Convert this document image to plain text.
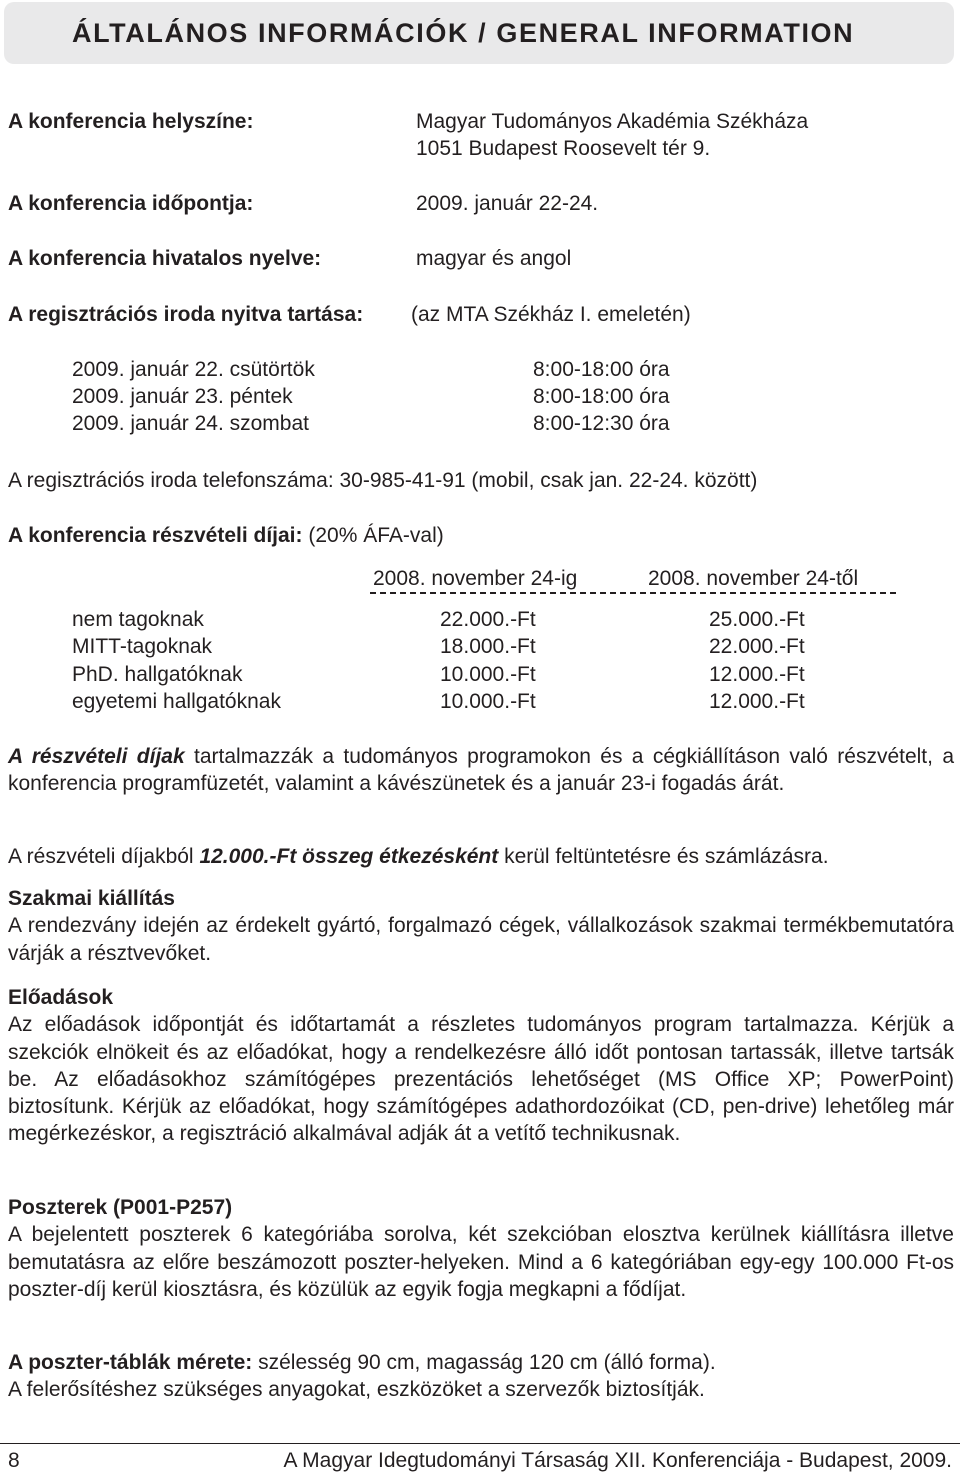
ÁLTALÁNOS INFORMÁCIÓK / GENERAL INFORMATION
A konferencia helyszíne:	Magyar Tudományos Akadémia Székháza
1051 Budapest Roosevelt tér 9.
A konferencia időpontja:	2009. január 22-24.
A konferencia hivatalos nyelve:	magyar és angol
A regisztrációs iroda nyitva tartása: (az MTA Székház I. emeletén)
2009. január 22. csütörtök	8:00-18:00 óra
2009. január 23. péntek	8:00-18:00 óra
2009. január 24. szombat	8:00-12:30 óra
A regisztrációs iroda telefonszáma: 30-985-41-91 (mobil, csak jan. 22-24. között)
A konferencia részvételi díjai: (20% ÁFA-val)
2008. november 24-ig	2008. november 24-től
nem tagoknak	22.000.-Ft	25.000.-Ft
MITT-tagoknak	18.000.-Ft	22.000.-Ft
PhD. hallgatóknak	10.000.-Ft	12.000.-Ft
egyetemi hallgatóknak	10.000.-Ft	12.000.-Ft
A részvételi díjak tartalmazzák a tudományos programokon és a cégkiállításon való részvételt, a konferencia programfüzetét, valamint a kávészünetek és a január 23-i fogadás árát.
A részvételi díjakból 12.000.-Ft összeg étkezésként kerül feltüntetésre és számlázásra.
Szakmai kiállítás
A rendezvány idején az érdekelt gyártó, forgalmazó cégek, vállalkozások szakmai termékbemutatóra várják a résztvevőket.
Előadások
Az előadások időpontját és időtartamát a részletes tudományos program tartalmazza. Kérjük a szekciók elnökeit és az előadókat, hogy a rendelkezésre álló időt pontosan tartassák, illetve tartsák be. Az előadásokhoz számítógépes prezentációs lehetőséget (MS Office XP; PowerPoint) biztosítunk. Kérjük az előadókat, hogy számítógépes adathordozóikat (CD, pen-drive) lehetőleg már megérkezéskor, a regisztráció alkalmával adják át a vetítő technikusnak.
Poszterek (P001-P257)
A bejelentett poszterek 6 kategóriába sorolva, két szekcióban elosztva kerülnek kiállításra illetve bemutatásra az előre beszámozott poszter-helyeken. Mind a 6 kategóriában egy-egy 100.000 Ft-os poszter-díj kerül kiosztásra, és közülük az egyik fogja megkapni a fődíjat.
A poszter-táblák mérete: szélesség 90 cm, magasság 120 cm (álló forma).
A felerősítéshez szükséges anyagokat, eszközöket a szervezők biztosítják.
8	A Magyar Idegtudományi Társaság XII. Konferenciája - Budapest, 2009.
